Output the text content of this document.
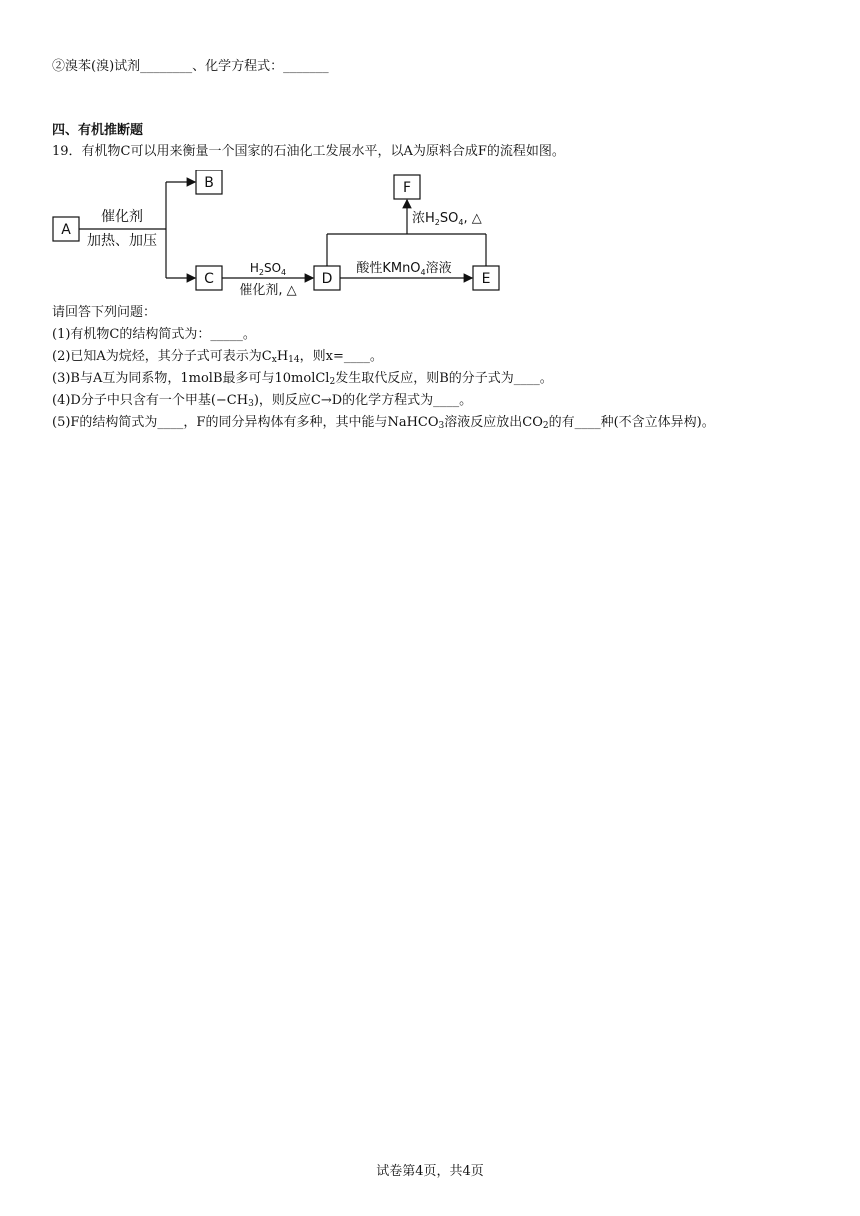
②溴苯(溴)试剂________、化学方程式：_______
四、有机推断题
19．有机物C可以用来衡量一个国家的石油化工发展水平，以A为原料合成F的流程如图。
A
B
C	D	E
F
催化剂
加热、加压
$H_2SO_4$
催化剂, △
酸性KMnO$_4$溶液
浓$H_2SO_4$, △
请回答下列问题：
(1)有机物C的结构简式为：_____。
(2)已知A为烷烃，其分子式可表示为$C_xH_{14}$，则x=____。
(3)B与A互为同系物，1molB最多可与10molCl$_2$发生取代反应，则B的分子式为____。
(4)D分子中只含有一个甲基$(-CH_3)$，则反应C→D的化学方程式为____。
(5)F的结构简式为____，F的同分异构体有多种，其中能与NaHCO$_3$溶液反应放出$CO_2$的有____种(不含立体异构)。
试卷第4页，共4页
